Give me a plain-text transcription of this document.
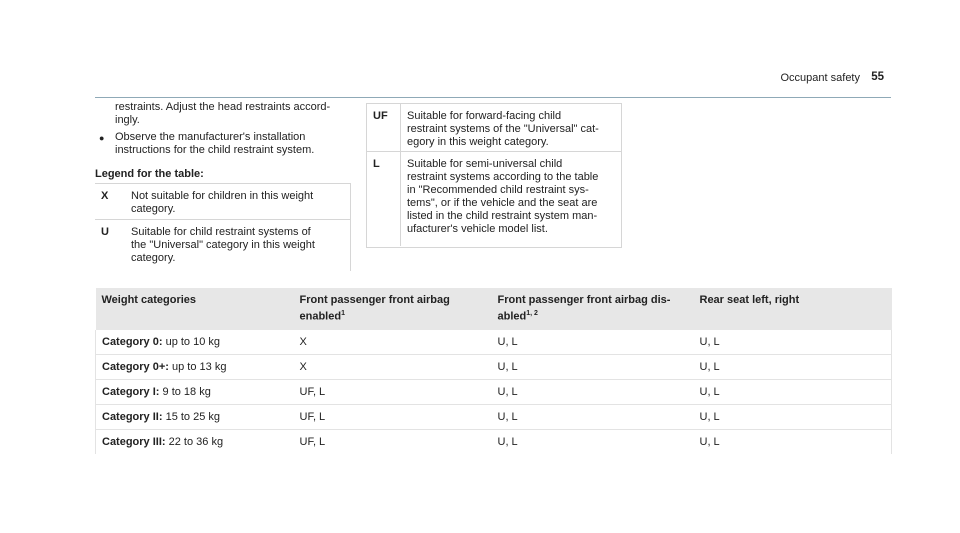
Occupant safety 55
restraints. Adjust the head restraints accord-
ingly.
● Observe the manufacturer's installation
instructions for the child restraint system.
Legend for the table:
X Not suitable for children in this weight
category.
U Suitable for child restraint systems of
the "Universal" category in this weight
category.
UF Suitable for forward-facing child
restraint systems of the "Universal" cat-
egory in this weight category.
L Suitable for semi-universal child
restraint systems according to the table
in "Recommended child restraint sys-
tems", or if the vehicle and the seat are
listed in the child restraint system man-
ufacturer's vehicle model list.
Weight categories	Front passenger front airbag
enabled$^1$	Front passenger front airbag dis-
abled$^{1, 2}$	Rear seat left, right
Category 0: up to 10 kg	X	U, L	U, L
Category 0+: up to 13 kg	X	U, L	U, L
Category I: 9 to 18 kg	UF, L	U, L	U, L
Category II: 15 to 25 kg	UF, L	U, L	U, L
Category III: 22 to 36 kg	UF, L	U, L	U, L
